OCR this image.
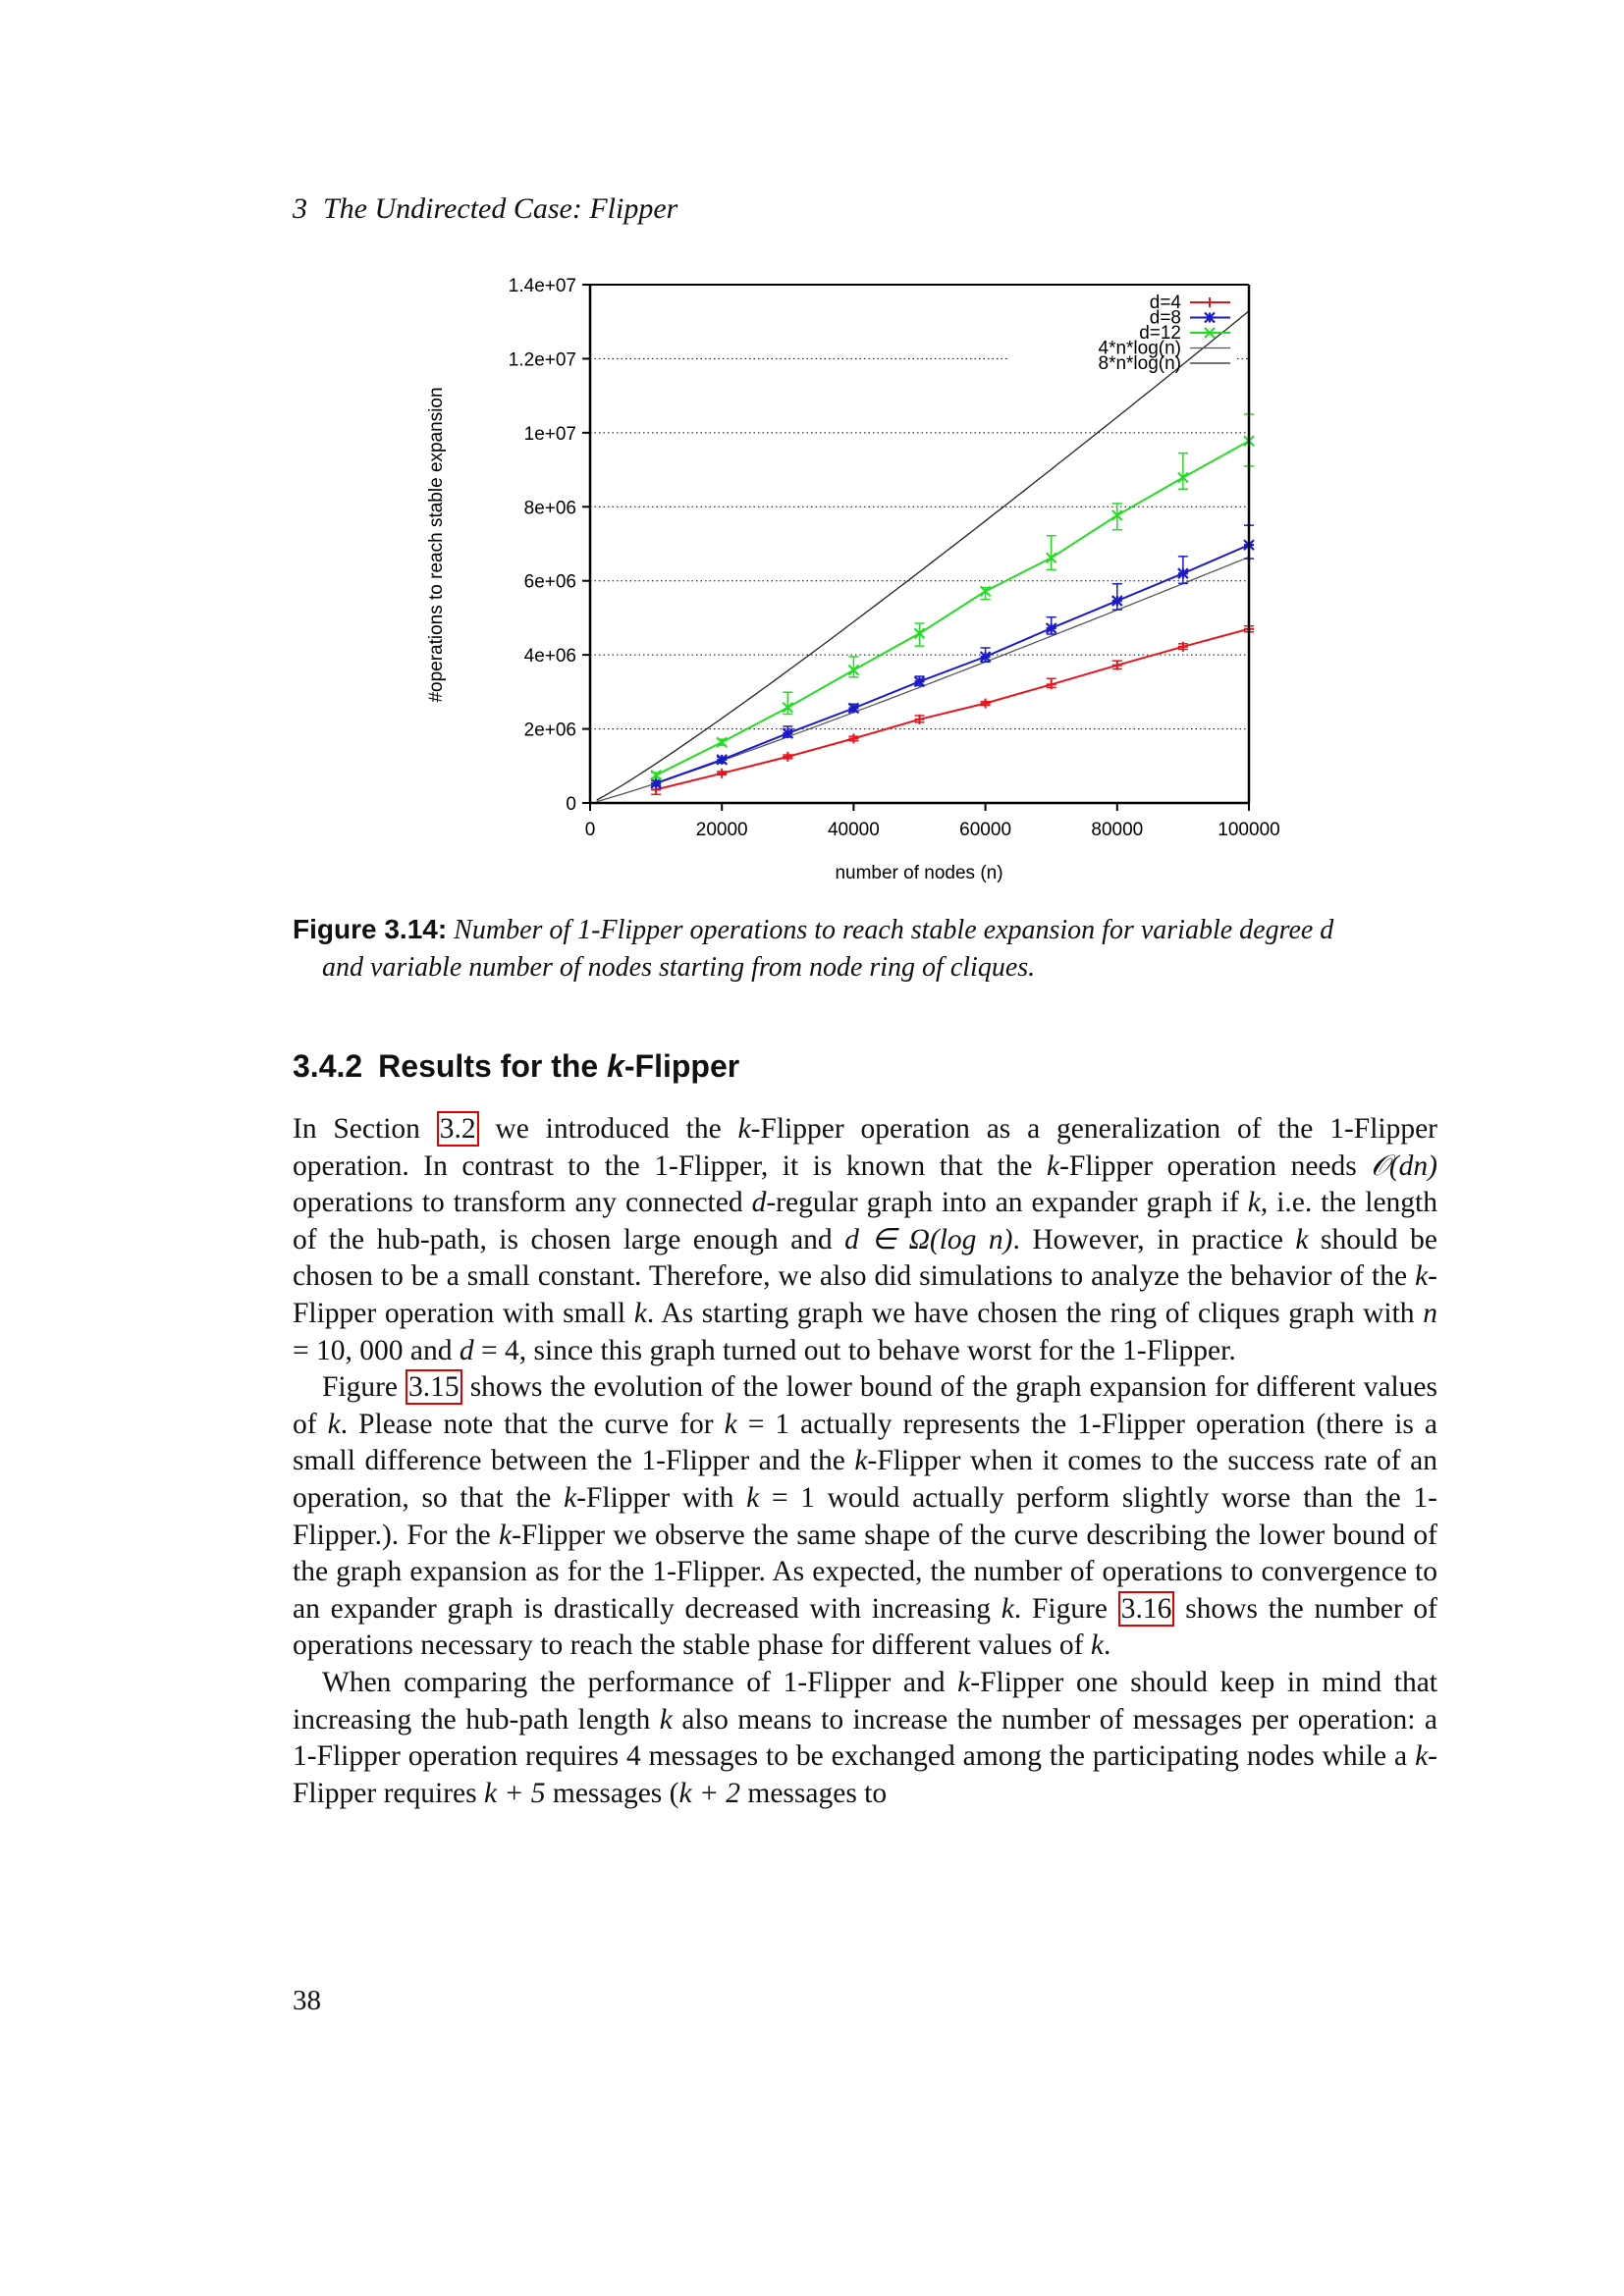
3 The Undirected Case: Flipper
0
2e+06
4e+06
6e+06
8e+06
1e+07
1.2e+07
1.4e+07
0	20000	40000	60000	80000	100000
d=4
d=8
d=12
4*n*log(n)
8*n*log(n)
#operations to reach stable expansion
number of nodes (n)
Figure 3.14: Number of 1-Flipper operations to reach stable expansion for variable degree d
and variable number of nodes starting from node ring of cliques.
3.4.2 Results for the k-Flipper

In Section 3.2 we introduced the k-Flipper operation as a generalization of the 1-Flipper operation. In contrast to the 1-Flipper, it is known that the k-Flipper operation needs 𝒪(dn) operations to transform any connected d-regular graph into an expander graph if k, i.e. the length of the hub-path, is chosen large enough and d ∈ Ω(log n). However, in practice k should be chosen to be a small constant. Therefore, we also did simulations to analyze the behavior of the k-Flipper operation with small k. As starting graph we have chosen the ring of cliques graph with n = 10, 000 and d = 4, since this graph turned out to behave worst for the 1-Flipper.

Figure 3.15 shows the evolution of the lower bound of the graph expansion for different values of k. Please note that the curve for k = 1 actually represents the 1-Flipper operation (there is a small difference between the 1-Flipper and the k-Flipper when it comes to the success rate of an operation, so that the k-Flipper with k = 1 would actually perform slightly worse than the 1-Flipper.). For the k-Flipper we observe the same shape of the curve describing the lower bound of the graph expansion as for the 1-Flipper. As expected, the number of operations to convergence to an expander graph is drastically decreased with increasing k. Figure 3.16 shows the number of operations necessary to reach the stable phase for different values of k.

When comparing the performance of 1-Flipper and k-Flipper one should keep in mind that increasing the hub-path length k also means to increase the number of messages per operation: a 1-Flipper operation requires 4 messages to be exchanged among the participating nodes while a k-Flipper requires k + 5 messages (k + 2 messages to

38
